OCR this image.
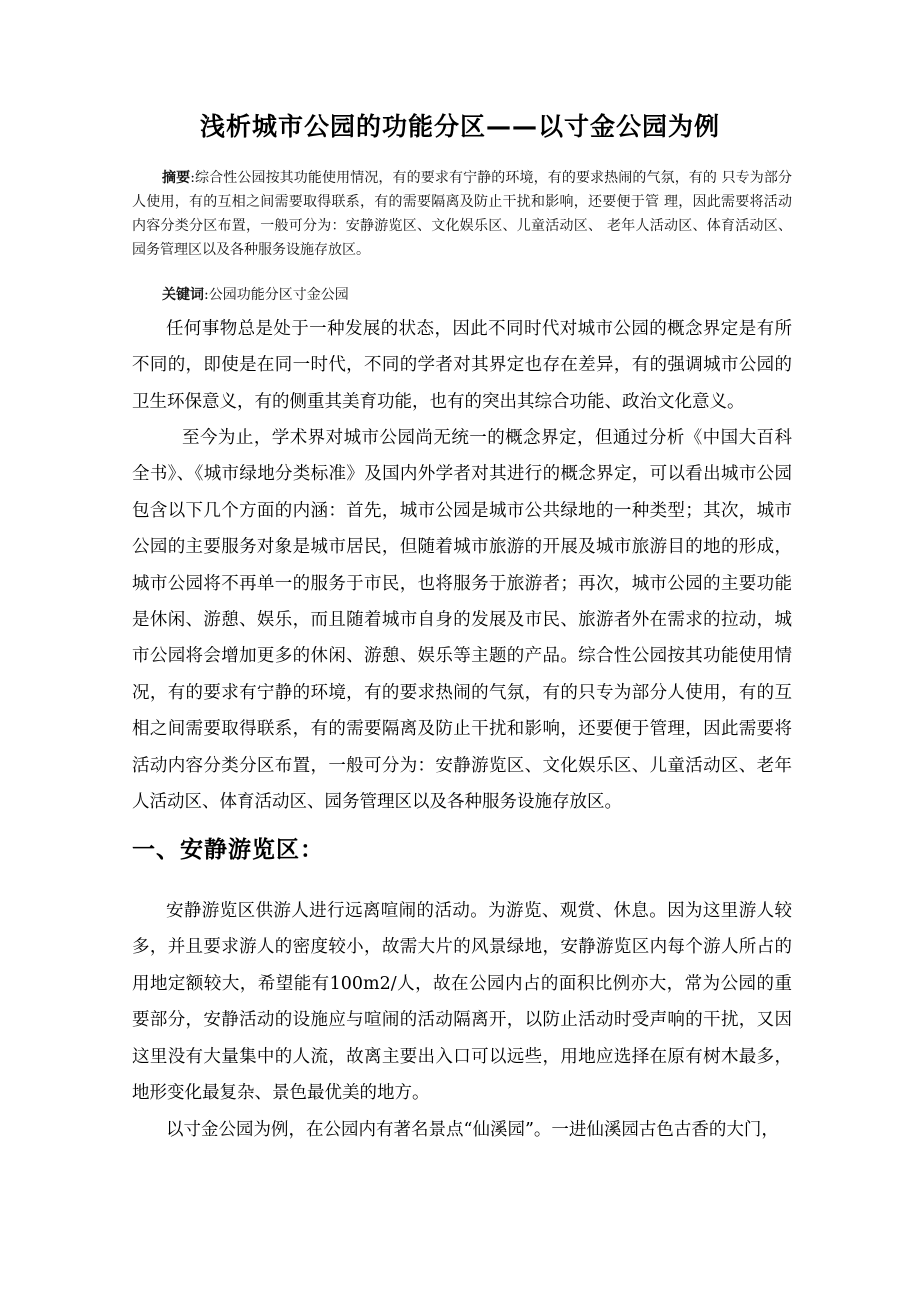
浅析城市公园的功能分区——以寸金公园为例
摘要:综合性公园按其功能使用情况，有的要求有宁静的环境，有的要求热闹的气氛，有的 只专为部分人使用，有的互相之间需要取得联系，有的需要隔离及防止干扰和影响，还要便于管 理，因此需要将活动内容分类分区布置，一般可分为：安静游览区、文化娱乐区、儿童活动区、 老年人活动区、体育活动区、园务管理区以及各种服务设施存放区。
关键词:公园功能分区寸金公园
任何事物总是处于一种发展的状态，因此不同时代对城市公园的概念界定是有所不同的，即使是在同一时代，不同的学者对其界定也存在差异，有的强调城市公园的卫生环保意义，有的侧重其美育功能，也有的突出其综合功能、政治文化意义。
至今为止，学术界对城市公园尚无统一的概念界定，但通过分析《中国大百科全书》、《城市绿地分类标准》及国内外学者对其进行的概念界定，可以看出城市公园 包含以下几个方面的内涵：首先，城市公园是城市公共绿地的一种类型；其次，城市 公园的主要服务对象是城市居民，但随着城市旅游的开展及城市旅游目的地的形成， 城市公园将不再单一的服务于市民，也将服务于旅游者；再次，城市公园的主要功能 是休闲、游憩、娱乐，而且随着城市自身的发展及市民、旅游者外在需求的拉动，城 市公园将会增加更多的休闲、游憩、娱乐等主题的产品。综合性公园按其功能使用情 况，有的要求有宁静的环境，有的要求热闹的气氛，有的只专为部分人使用，有的互 相之间需要取得联系，有的需要隔离及防止干扰和影响，还要便于管理，因此需要将 活动内容分类分区布置，一般可分为：安静游览区、文化娱乐区、儿童活动区、老年 人活动区、体育活动区、园务管理区以及各种服务设施存放区。
一、安静游览区：
安静游览区供游人进行远离喧闹的活动。为游览、观赏、休息。因为这里游人较多，并且要求游人的密度较小，故需大片的风景绿地，安静游览区内每个游人所占的用地定额较大，希望能有100m2/人，故在公园内占的面积比例亦大，常为公园的重要部分，安静活动的设施应与喧闹的活动隔离开，以防止活动时受声响的干扰，又因这里没有大量集中的人流，故离主要出入口可以远些，用地应选择在原有树木最多，地形变化最复杂、景色最优美的地方。
以寸金公园为例，在公园内有著名景点“仙溪园”。一进仙溪园古色古香的大门，
